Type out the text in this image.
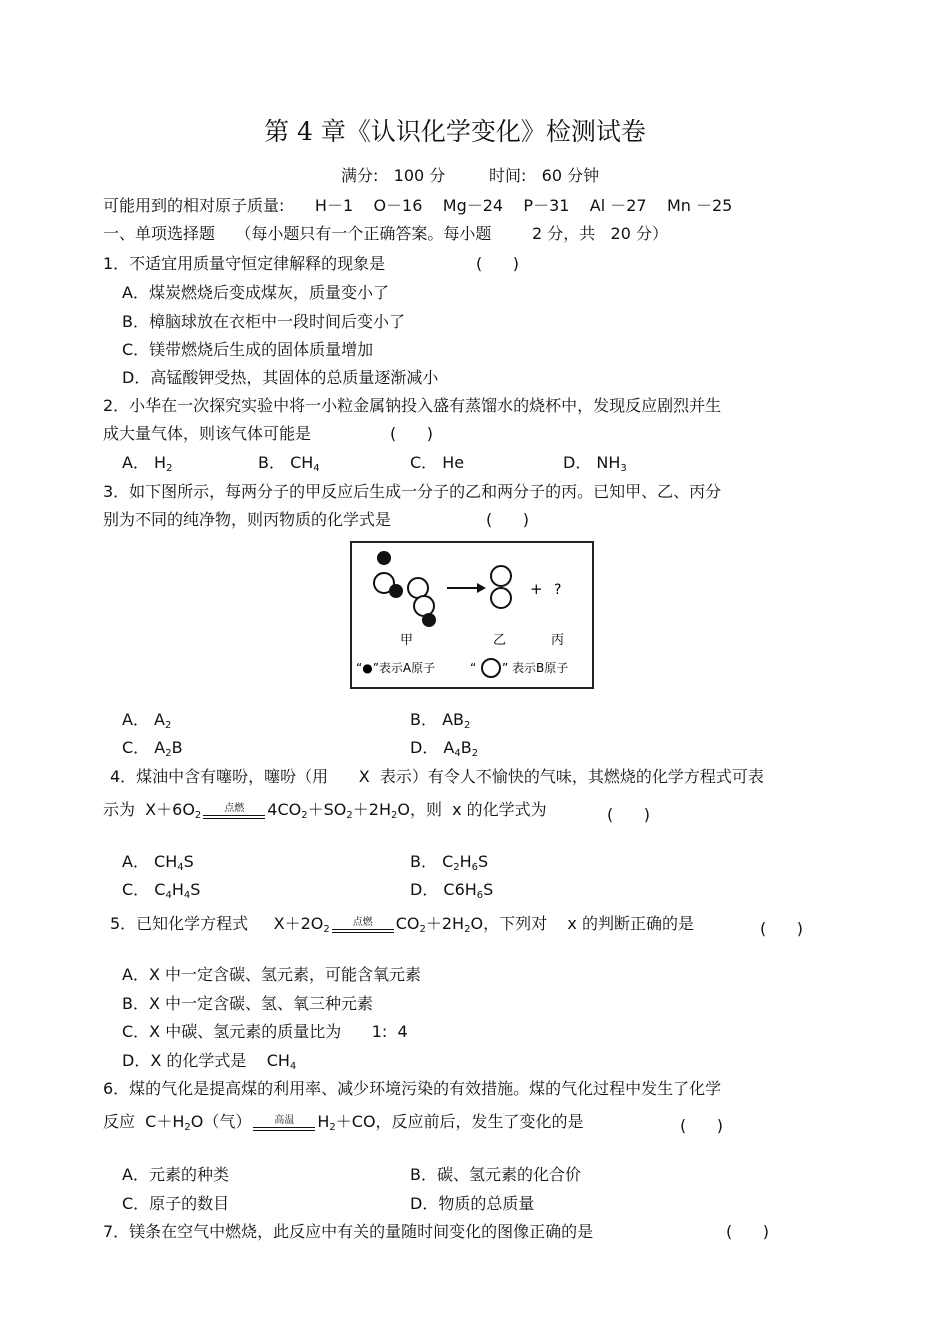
第 4 章《认识化学变化》检测试卷
满分:   100 分	时间:   60 分钟
可能用到的相对原子质量:      H－1    O－16    Mg－24    P－31    Al －27    Mn －25
一、单项选择题    （每小题只有一个正确答案。每小题        2 分，共   20 分）
1．不适宜用质量守恒定律解释的现象是	(      )
A．煤炭燃烧后变成煤灰，质量变小了
B．樟脑球放在衣柜中一段时间后变小了
C．镁带燃烧后生成的固体质量增加
D．高锰酸钾受热，其固体的总质量逐渐减小
2．小华在一次探究实验中将一小粒金属钠投入盛有蒸馏水的烧杯中，发现反应剧烈并生
成大量气体，则该气体可能是	(      )
A． $H_2$	B． $CH_4$	C． He	D． $NH_3$
3．如下图所示，每两分子的甲反应后生成一分子的乙和两分子的丙。已知甲、乙、丙分
别为不同的纯净物，则丙物质的化学式是	(      )
+ ?
甲	乙	丙
“●”表示A原子	“ ” 表示B原子
A． $A_2$	B． $AB_2$
C． $A_2B$	D． $A_4B_2$
4．煤油中含有噻吩，噻吩（用      X  表示）有令人不愉快的气味，其燃烧的化学方程式可表
示为  $X+6O_2$
点燃	$4CO_2+SO_2+2H_2O$，则  x 的化学式为	(      )
A． $CH_4S$	B． $C_2H_6S$
C． $C_4H_4S$	D． $C6H_6S$
5．已知化学方程式     $X+2O_2$
点燃	$CO_2+2H_2O$，下列对    x 的判断正确的是	(      )
A．X 中一定含碳、氢元素，可能含氧元素
B．X 中一定含碳、氢、氧三种元素
C．X 中碳、氢元素的质量比为      1:  4
D．X 的化学式是    $CH_4$
6．煤的气化是提高煤的利用率、减少环境污染的有效措施。煤的气化过程中发生了化学
反应  $C+H_2O$（气）	高温	$H_2+CO$，反应前后，发生了变化的是	(      )
A．元素的种类	B．碳、氢元素的化合价
C．原子的数目	D．物质的总质量
7．镁条在空气中燃烧，此反应中有关的量随时间变化的图像正确的是	(      )
